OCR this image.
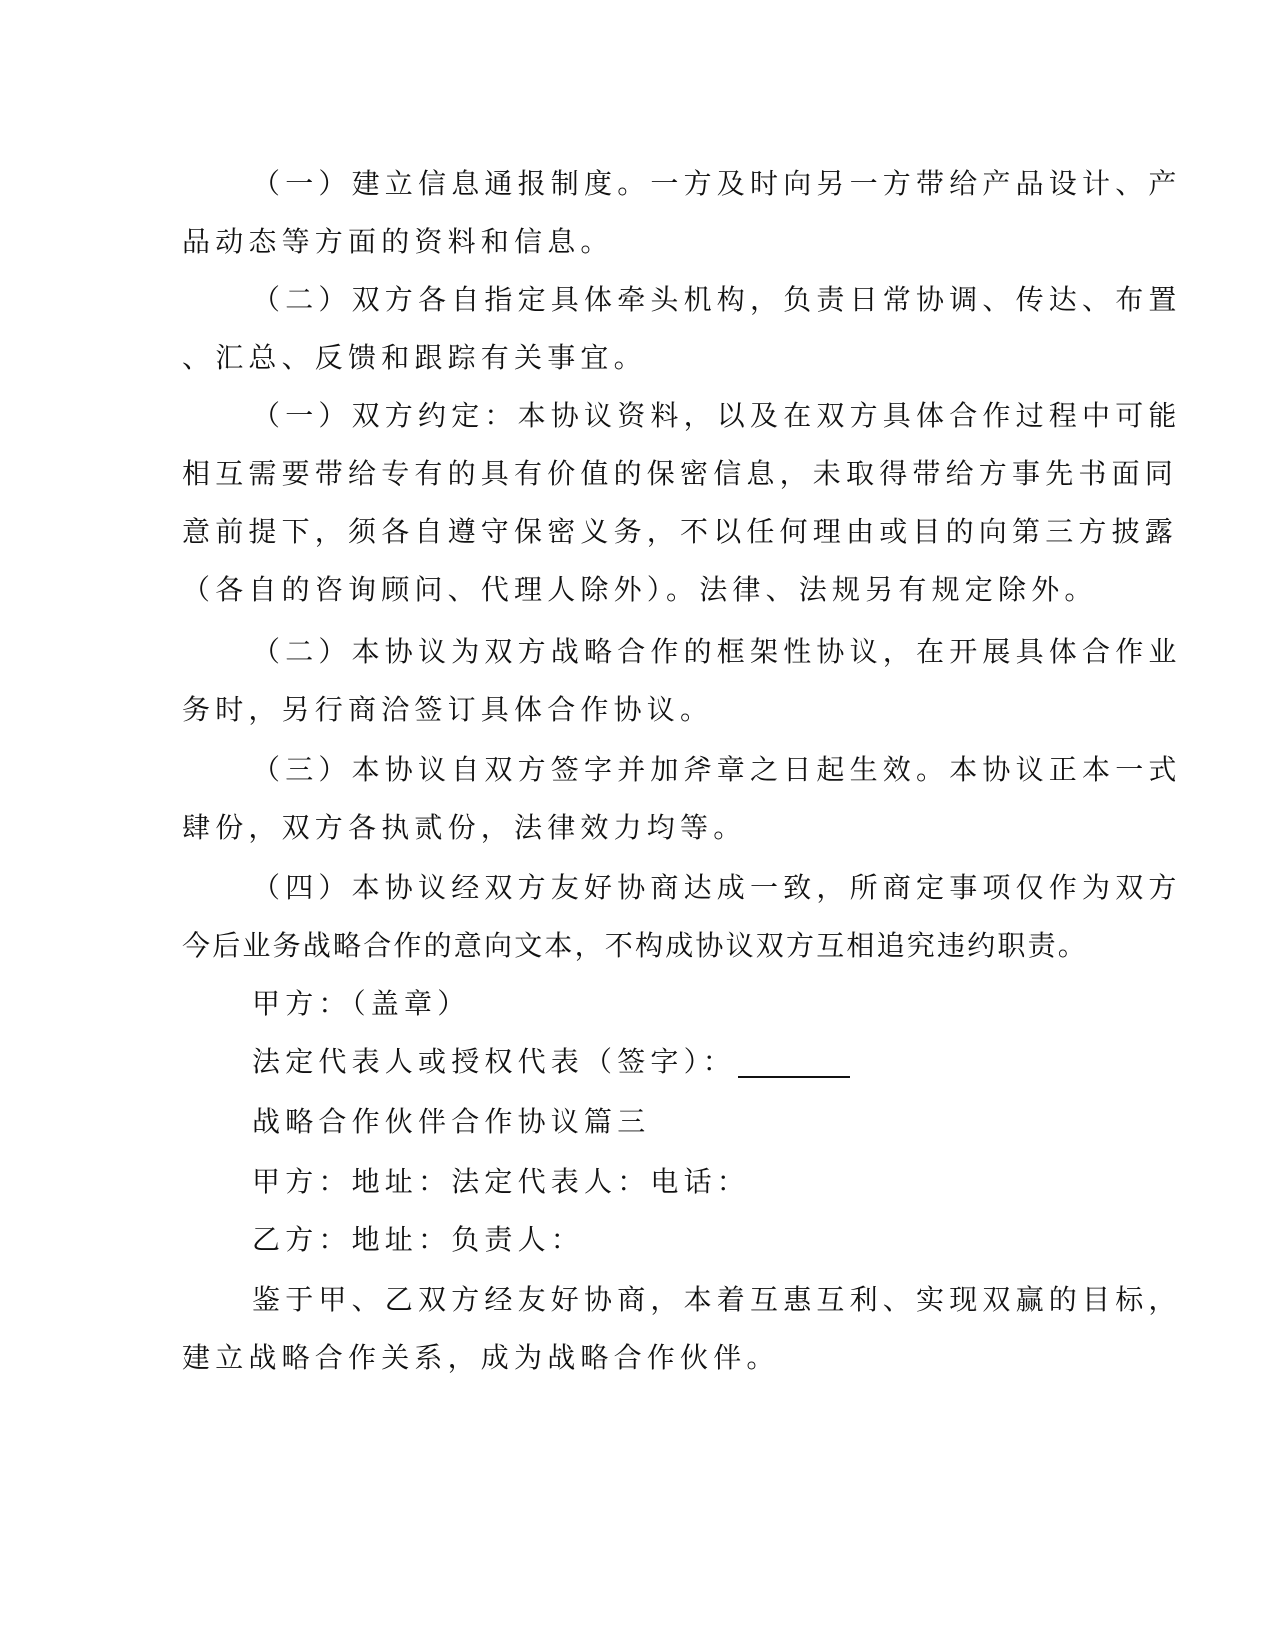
（一）建立信息通报制度。一方及时向另一方带给产品设计、产
品动态等方面的资料和信息。
（二）双方各自指定具体牵头机构，负责日常协调、传达、布置
、汇总、反馈和跟踪有关事宜。
（一）双方约定：本协议资料，以及在双方具体合作过程中可能
相互需要带给专有的具有价值的保密信息，未取得带给方事先书面同
意前提下，须各自遵守保密义务，不以任何理由或目的向第三方披露
（各自的咨询顾问、代理人除外）。法律、法规另有规定除外。
（二）本协议为双方战略合作的框架性协议，在开展具体合作业
务时，另行商洽签订具体合作协议。
（三）本协议自双方签字并加斧章之日起生效。本协议正本一式
肆份，双方各执贰份，法律效力均等。
（四）本协议经双方友好协商达成一致，所商定事项仅作为双方
今后业务战略合作的意向文本，不构成协议双方互相追究违约职责。
甲方：（盖章）
法定代表人或授权代表（签字）：
战略合作伙伴合作协议篇三
甲方：地址：法定代表人：电话：
乙方：地址：负责人：
鉴于甲、乙双方经友好协商，本着互惠互利、实现双赢的目标，
建立战略合作关系，成为战略合作伙伴。
